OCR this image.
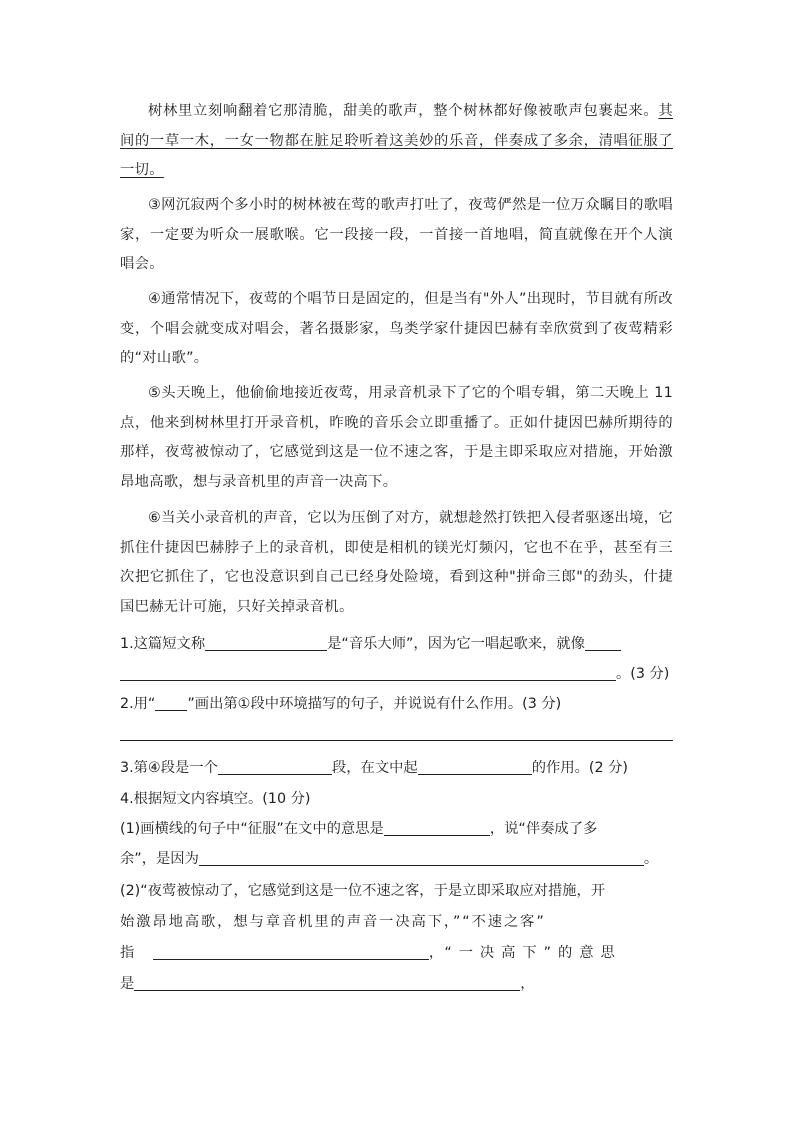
树林里立刻响翻着它那清脆，甜美的歌声，整个树林都好像被歌声包裹起来。其间的一草一木，一女一物都在脏足聆听着这美妙的乐音，伴奏成了多余，清唱征服了一切。
③网沉寂两个多小时的树林被在莺的歌声打吐了，夜莺俨然是一位万众瞩目的歌唱家，一定要为听众一展歌喉。它一段接一段，一首接一首地唱，简直就像在开个人演唱会。
④通常情况下，夜莺的个唱节日是固定的，但是当有"外人”出现时，节目就有所改变，个唱会就变成对唱会，著名摄影家，鸟类学家什捷因巴赫有幸欣赏到了夜莺精彩的“对山歌”。
⑤头天晚上，他偷偷地接近夜莺，用录音机录下了它的个唱专辑，第二天晚上 11 点，他来到树林里打开录音机，昨晚的音乐会立即重播了。正如什捷因巴赫所期待的那样，夜莺被惊动了，它感觉到这是一位不速之客，于是主即采取应对措施，开始激昂地高歌，想与录音机里的声音一决高下。
⑥当关小录音机的声音，它以为压倒了对方，就想趁然打铁把入侵者驱逐出境，它抓住什捷因巴赫脖子上的录音机，即使是相机的镁光灯频闪，它也不在乎，甚至有三次把它抓住了，它也没意识到自己已经身处险境，看到这种"拼命三郎"的劲头，什捷国巴赫无计可施，只好关掉录音机。
1.这篇短文称	是“音乐大师”，因为它一唱起歌来，就像
。(3 分)
2.用“ ”画出第①段中环境描写的句子，并说说有什么作用。(3 分)
3.第④段是一个	段，在文中起	的作用。(2 分)
4.根据短文内容填空。(10 分)
(1)画横线的句子中“征服”在文中的意思是	，说“伴奏成了多
余”，是因为	。
(2)“夜莺被惊动了，它感觉到这是一位不速之客，于是立即采取应对措施，开
始激昂地高歌，想与章音机里的声音一决高下，”“不速之客”
指	，“ 一 决 高 下 ” 的 意 思
是	，
